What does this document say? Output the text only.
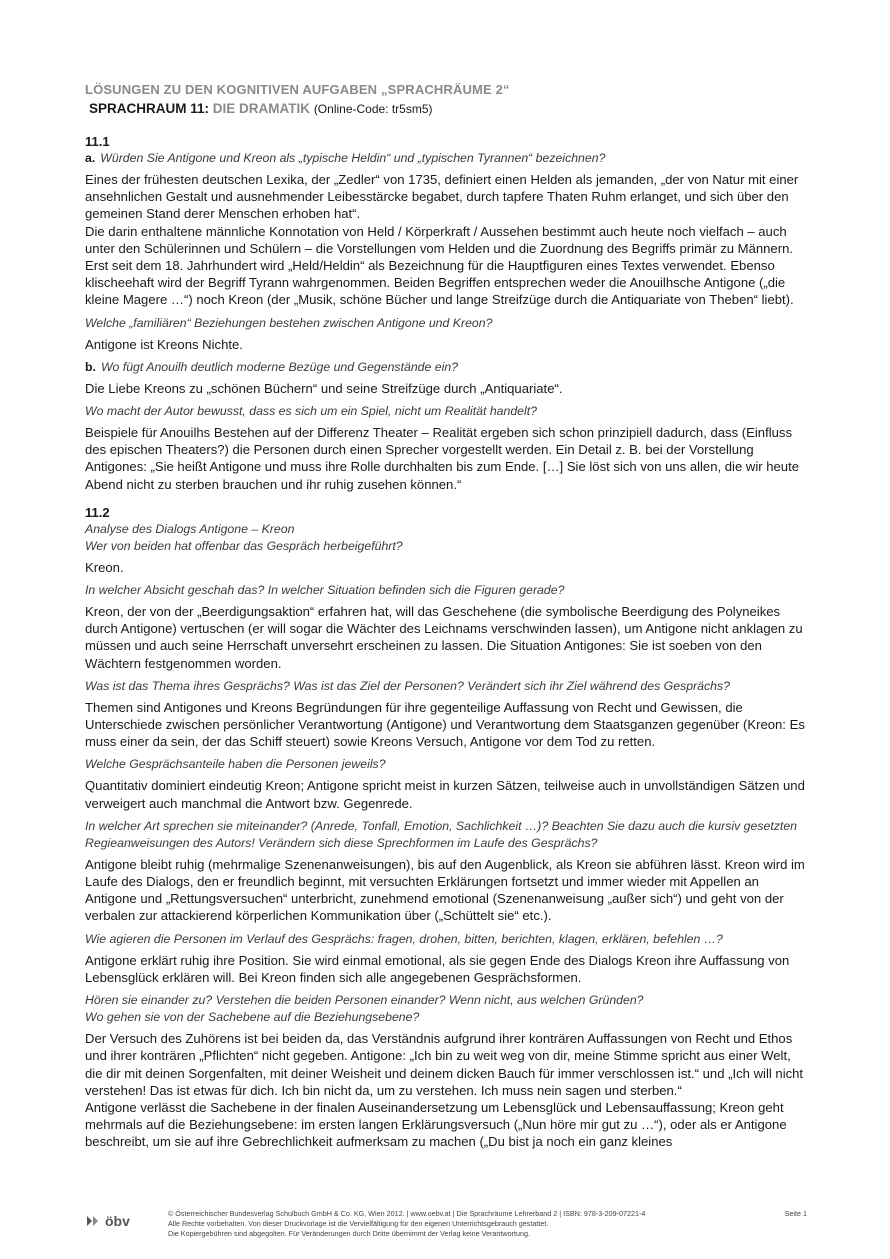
LÖSUNGEN ZU DEN KOGNITIVEN AUFGABEN „SPRACHRÄUME 2“

SPRACHRAUM 11: DIE DRAMATIK (Online-Code: tr5sm5)

11.1

a. Würden Sie Antigone und Kreon als „typische Heldin“ und „typischen Tyrannen“ bezeichnen?

Eines der frühesten deutschen Lexika, der „Zedler“ von 1735, definiert einen Helden als jemanden, „der von Natur mit einer ansehnlichen Gestalt und ausnehmender Leibesstärcke begabet, durch tapfere Thaten Ruhm erlanget, und sich über den gemeinen Stand derer Menschen erhoben hat“.

Die darin enthaltene männliche Konnotation von Held / Körperkraft / Aussehen bestimmt auch heute noch vielfach – auch unter den Schülerinnen und Schülern – die Vorstellungen vom Helden und die Zuordnung des Begriffs primär zu Männern. Erst seit dem 18. Jahrhundert wird „Held/Heldin“ als Bezeichnung für die Hauptfiguren eines Textes verwendet. Ebenso klischeehaft wird der Begriff Tyrann wahrgenommen. Beiden Begriffen entsprechen weder die Anouilhsche Antigone („die kleine Magere …“) noch Kreon (der „Musik, schöne Bücher und lange Streifzüge durch die Antiquariate von Theben“ liebt).

Welche „familiären“ Beziehungen bestehen zwischen Antigone und Kreon?

Antigone ist Kreons Nichte.

b. Wo fügt Anouilh deutlich moderne Bezüge und Gegenstände ein?

Die Liebe Kreons zu „schönen Büchern“ und seine Streifzüge durch „Antiquariate“.

Wo macht der Autor bewusst, dass es sich um ein Spiel, nicht um Realität handelt?

Beispiele für Anouilhs Bestehen auf der Differenz Theater – Realität ergeben sich schon prinzipiell dadurch, dass (Einfluss des epischen Theaters?) die Personen durch einen Sprecher vorgestellt werden. Ein Detail z. B. bei der Vorstellung Antigones: „Sie heißt Antigone und muss ihre Rolle durchhalten bis zum Ende. […] Sie löst sich von uns allen, die wir heute Abend nicht zu sterben brauchen und ihr ruhig zusehen können.“

11.2

Analyse des Dialogs Antigone – Kreon

Wer von beiden hat offenbar das Gespräch herbeigeführt?

Kreon.

In welcher Absicht geschah das? In welcher Situation befinden sich die Figuren gerade?

Kreon, der von der „Beerdigungsaktion“ erfahren hat, will das Geschehene (die symbolische Beerdigung des Polyneikes durch Antigone) vertuschen (er will sogar die Wächter des Leichnams verschwinden lassen), um Antigone nicht anklagen zu müssen und auch seine Herrschaft unversehrt erscheinen zu lassen. Die Situation Antigones: Sie ist soeben von den Wächtern festgenommen worden.

Was ist das Thema ihres Gesprächs? Was ist das Ziel der Personen? Verändert sich ihr Ziel während des Gesprächs?

Themen sind Antigones und Kreons Begründungen für ihre gegenteilige Auffassung von Recht und Gewissen, die Unterschiede zwischen persönlicher Verantwortung (Antigone) und Verantwortung dem Staatsganzen gegenüber (Kreon: Es muss einer da sein, der das Schiff steuert) sowie Kreons Versuch, Antigone vor dem Tod zu retten.

Welche Gesprächsanteile haben die Personen jeweils?

Quantitativ dominiert eindeutig Kreon; Antigone spricht meist in kurzen Sätzen, teilweise auch in unvollständigen Sätzen und verweigert auch manchmal die Antwort bzw. Gegenrede.

In welcher Art sprechen sie miteinander? (Anrede, Tonfall, Emotion, Sachlichkeit …)? Beachten Sie dazu auch die kursiv gesetzten Regieanweisungen des Autors! Verändern sich diese Sprechformen im Laufe des Gesprächs?

Antigone bleibt ruhig (mehrmalige Szenenanweisungen), bis auf den Augenblick, als Kreon sie abführen lässt. Kreon wird im Laufe des Dialogs, den er freundlich beginnt, mit versuchten Erklärungen fortsetzt und immer wieder mit Appellen an Antigone und „Rettungsversuchen“ unterbricht, zunehmend emotional (Szenenanweisung „außer sich“) und geht von der verbalen zur attackierend körperlichen Kommunikation über („Schüttelt sie“ etc.).

Wie agieren die Personen im Verlauf des Gesprächs: fragen, drohen, bitten, berichten, klagen, erklären, befehlen …?

Antigone erklärt ruhig ihre Position. Sie wird einmal emotional, als sie gegen Ende des Dialogs Kreon ihre Auffassung von Lebensglück erklären will. Bei Kreon finden sich alle angegebenen Gesprächsformen.

Hören sie einander zu? Verstehen die beiden Personen einander? Wenn nicht, aus welchen Gründen?

Wo gehen sie von der Sachebene auf die Beziehungsebene?

Der Versuch des Zuhörens ist bei beiden da, das Verständnis aufgrund ihrer konträren Auffassungen von Recht und Ethos und ihrer konträren „Pflichten“ nicht gegeben. Antigone: „Ich bin zu weit weg von dir, meine Stimme spricht aus einer Welt, die dir mit deinen Sorgenfalten, mit deiner Weisheit und deinem dicken Bauch für immer verschlossen ist.“ und „Ich will nicht verstehen! Das ist etwas für dich. Ich bin nicht da, um zu verstehen. Ich muss nein sagen und sterben.“

Antigone verlässt die Sachebene in der finalen Auseinandersetzung um Lebensglück und Lebensauffassung; Kreon geht mehrmals auf die Beziehungsebene: im ersten langen Erklärungsversuch („Nun höre mir gut zu …“), oder als er Antigone beschreibt, um sie auf ihre Gebrechlichkeit aufmerksam zu machen („Du bist ja noch ein ganz kleines

öbv	© Österreichischer Bundesverlag Schulbuch GmbH & Co. KG, Wien 2012. | www.oebv.at | Die Sprachräume Lehrerband 2 | ISBN: 978-3-209-07221-4
Alle Rechte vorbehalten. Von dieser Druckvorlage ist die Vervielfältigung für den eigenen Unterrichtsgebrauch gestattet.
Die Kopiergebühren sind abgegolten. Für Veränderungen durch Dritte übernimmt der Verlag keine Verantwortung.
Seite 1
